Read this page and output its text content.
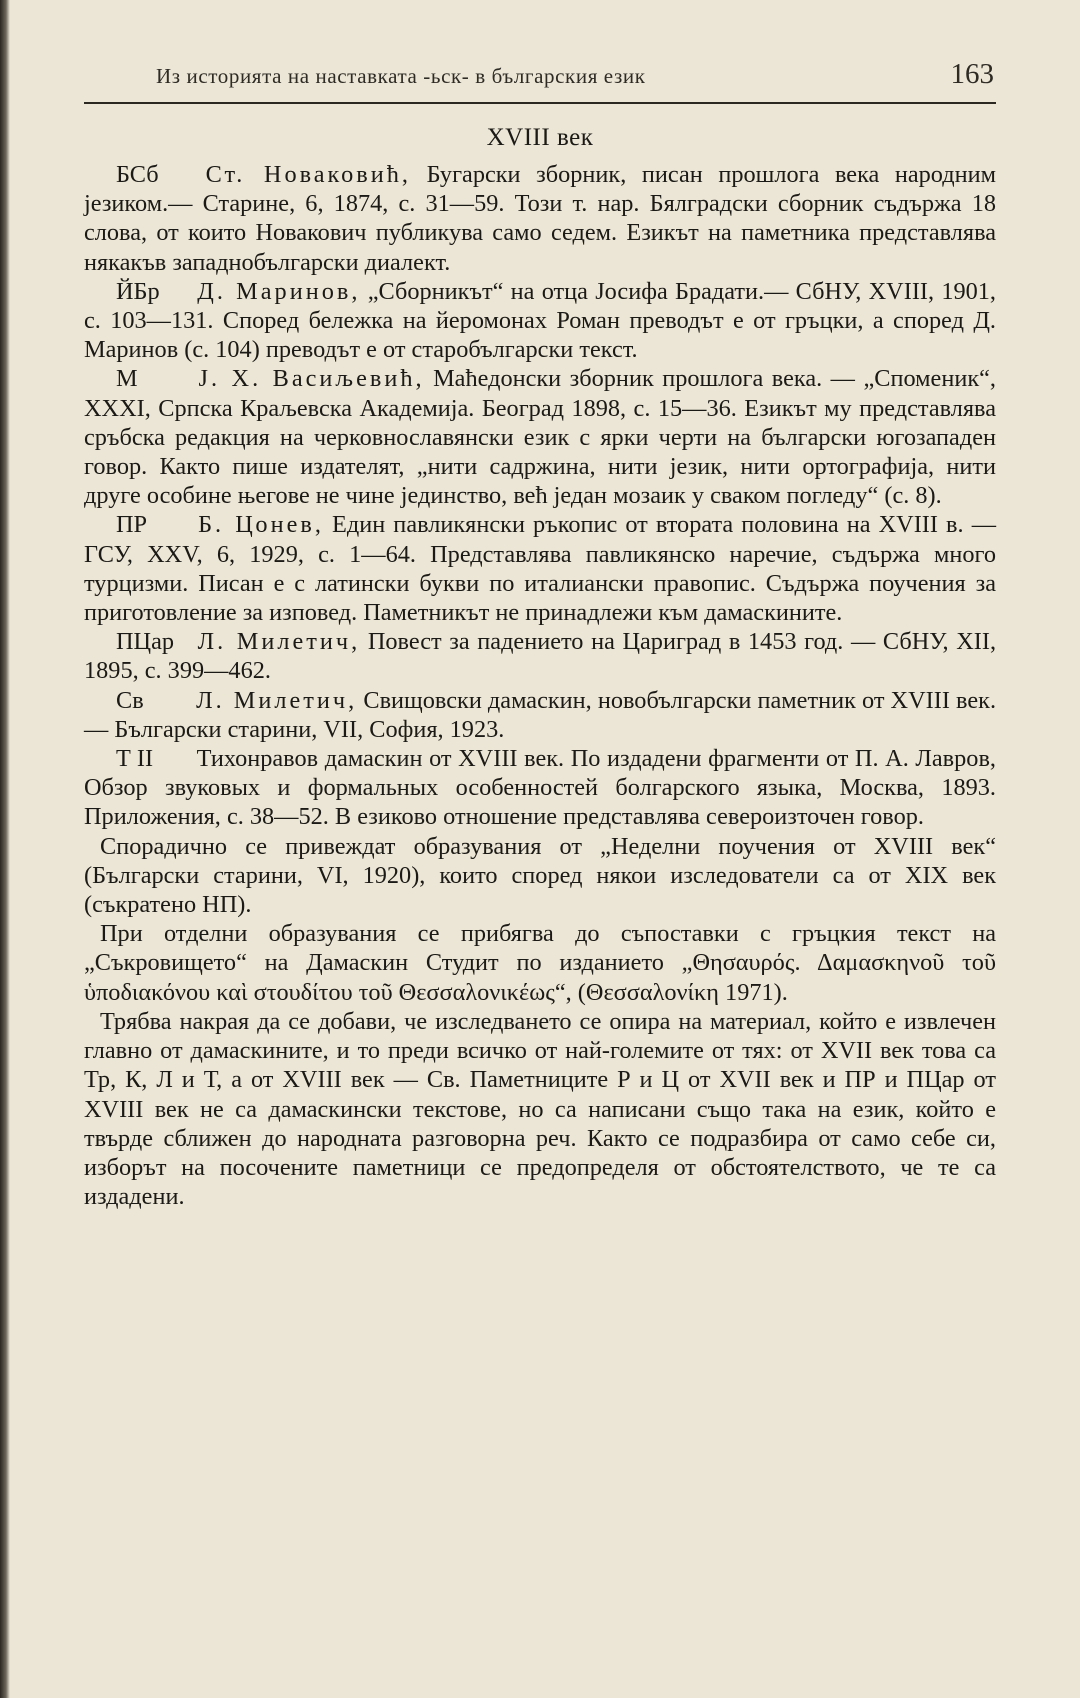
Из историята на наставката -ьск- в българския език	163
XVIII век

БСб Ст. Новаковић, Бугарски зборник, писан прошлога века народним језиком.— Старине, 6, 1874, с. 31—59. Този т. нар. Бялградски сборник съдържа 18 слова, от които Новакович публикува само седем. Езикът на паметника представлява някакъв западнобългарски диалект.

ЙБр Д. Маринов, „Сборникът“ на отца Јосифа Брадати.— СбНУ, XVIII, 1901, с. 103—131. Според бележка на йеромонах Роман преводът е от гръцки, а според Д. Маринов (с. 104) преводът е от старобългарски текст.

М	Ј. Х. Васиљевић, Маћедонски зборник прошлога века. — „Споменик“, XXXI, Српска Краљевска Академија. Београд 1898, с. 15—36. Езикът му представлява сръбска редакция на черковнославянски език с ярки черти на български югозападен говор. Както пише издателят, „нити садржина, нити језик, нити ортографија, нити друге особине његове не чине јединство, већ један мозаик у сваком погледу“ (с. 8).

ПР Б. Цонев, Един павликянски ръкопис от втората половина на XVIII в. — ГСУ, XXV, 6, 1929, с. 1—64. Представлява павликянско наречие, съдържа много турцизми. Писан е с латински букви по италиански правопис. Съдържа поучения за приготовление за изповед. Паметникът не принадлежи към дамаскините.

ПЦар Л. Милетич, Повест за падението на Цариград в 1453 год. — СбНУ, XII, 1895, с. 399—462.

Св Л. Милетич, Свищовски дамаскин, новобългарски паметник от XVIII век. — Български старини, VII, София, 1923.

Т II Тихонравов дамаскин от XVIII век. По издадени фрагменти от П. А. Лавров, Обзор звуковых и формальных особенностей болгарского языка, Москва, 1893. Приложения, с. 38—52. В езиково отношение представлява североизточен говор.

Спорадично се привеждат образувания от „Неделни поучения от XVIII век“ (Български старини, VI, 1920), които според някои изследователи са от XIX век (съкратено НП).

При отделни образувания се прибягва до съпоставки с гръцкия текст на „Съкровището“ на Дамаскин Студит по изданието „Θησαυρός. Δαμασκηνοῦ τοῦ ὑποδιακόνου καὶ στουδίτου τοῦ Θεσσαλονικέως“, (Θεσσαλονίκη 1971).

Трябва накрая да се добави, че изследването се опира на материал, който е извлечен главно от дамаскините, и то преди всичко от най-големите от тях: от XVII век това са Тр, К, Л и Т, а от XVIII век — Св. Паметниците Р и Ц от XVII век и ПР и ПЦар от XVIII век не са дамаскински текстове, но са написани също така на език, който е твърде сближен до народната разговорна реч. Както се подразбира от само себе си, изборът на посочените паметници се предопределя от обстоятелството, че те са издадени.
